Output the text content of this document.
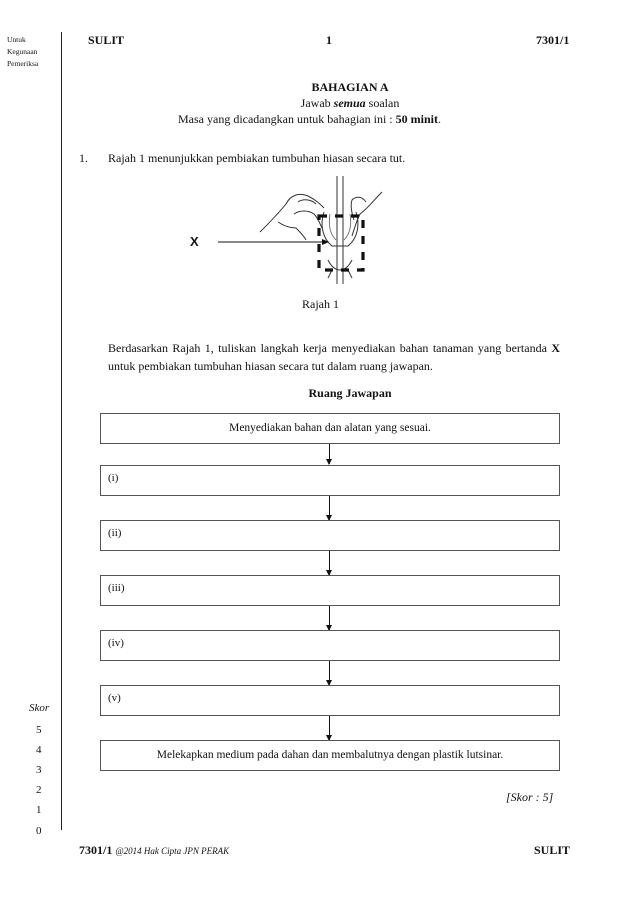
Untuk
Kegunaan
Pemeriksa
SULIT	1	7301/1
BAHAGIAN A
Jawab semua soalan
Masa yang dicadangkan untuk bahagian ini : 50 minit.
1. Rajah 1 menunjukkan pembiakan tumbuhan hiasan secara tut.
X
Rajah 1
Berdasarkan Rajah 1, tuliskan langkah kerja menyediakan bahan tanaman yang bertanda X untuk pembiakan tumbuhan hiasan secara tut dalam ruang jawapan.
Ruang Jawapan
Menyediakan bahan dan alatan yang sesuai.
(i)
(ii)
(iii)
(iv)
(v)
Melekapkan medium pada dahan dan membalutnya dengan plastik lutsinar.
[Skor : 5]
Skor
5
4
3
2
1
0
7301/1 @2014 Hak Cipta JPN PERAK	SULIT
